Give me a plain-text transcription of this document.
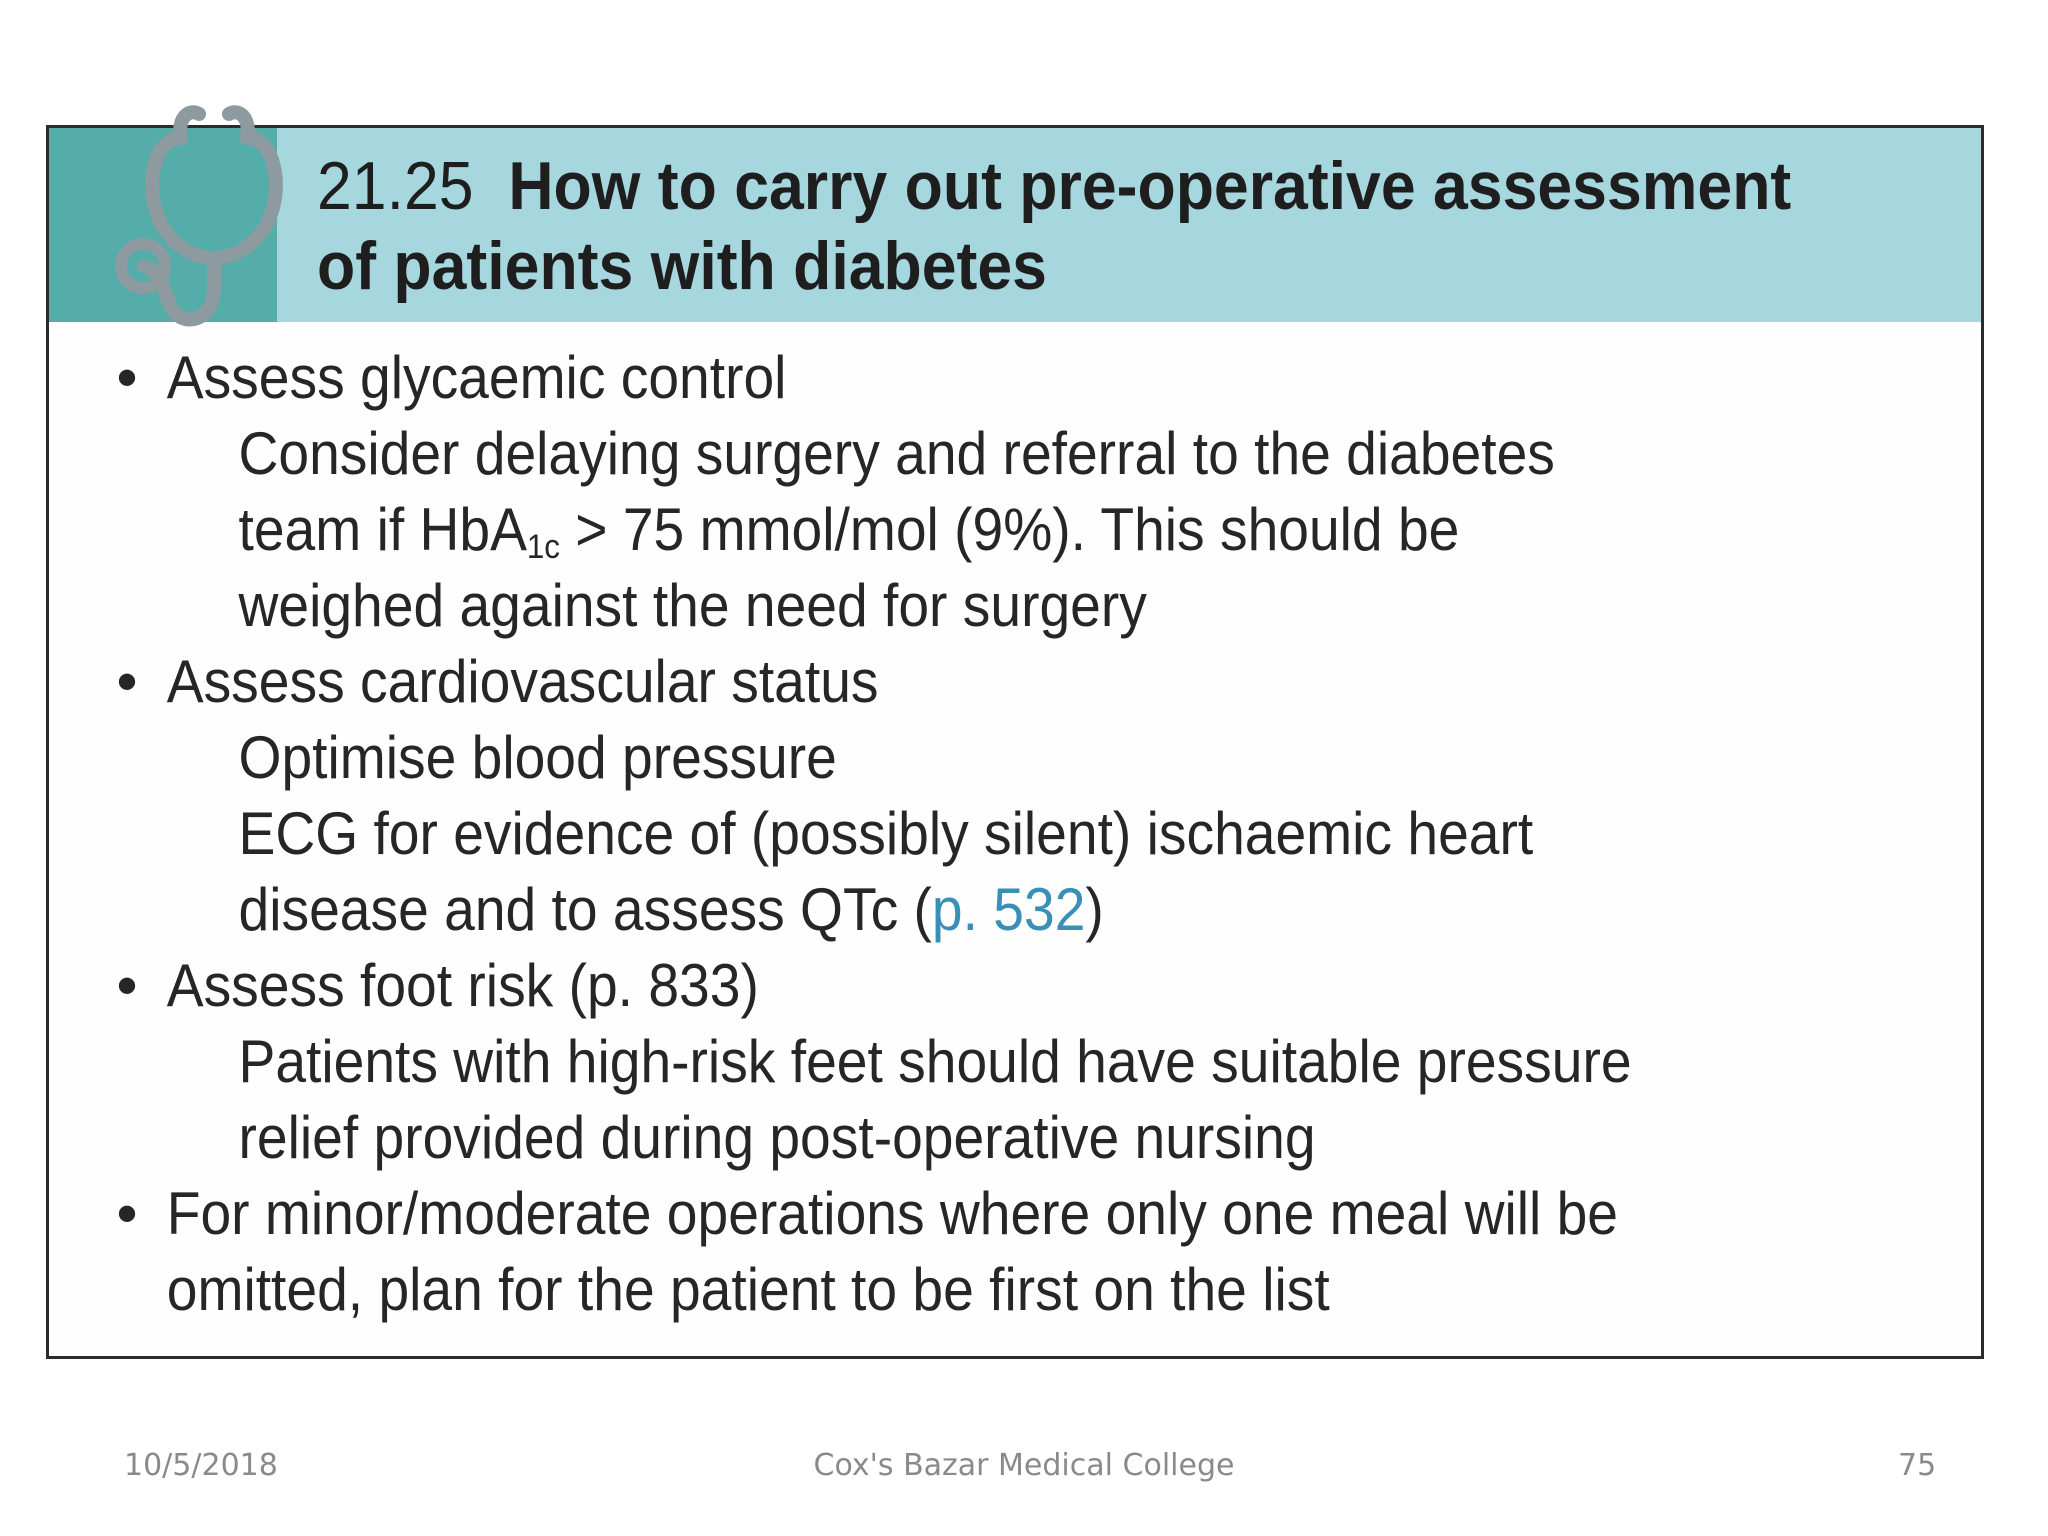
21.25 How to carry out pre-operative assessment
of patients with diabetes
• Assess glycaemic control
Consider delaying surgery and referral to the diabetes
team if HbA$_{1c}$ > 75 mmol/mol (9%). This should be
weighed against the need for surgery
• Assess cardiovascular status
Optimise blood pressure
ECG for evidence of (possibly silent) ischaemic heart
disease and to assess QTc (p. 532)
• Assess foot risk (p. 833)
Patients with high-risk feet should have suitable pressure
relief provided during post-operative nursing
• For minor/moderate operations where only one meal will be
omitted, plan for the patient to be first on the list
10/5/2018	Cox's Bazar Medical College	75
